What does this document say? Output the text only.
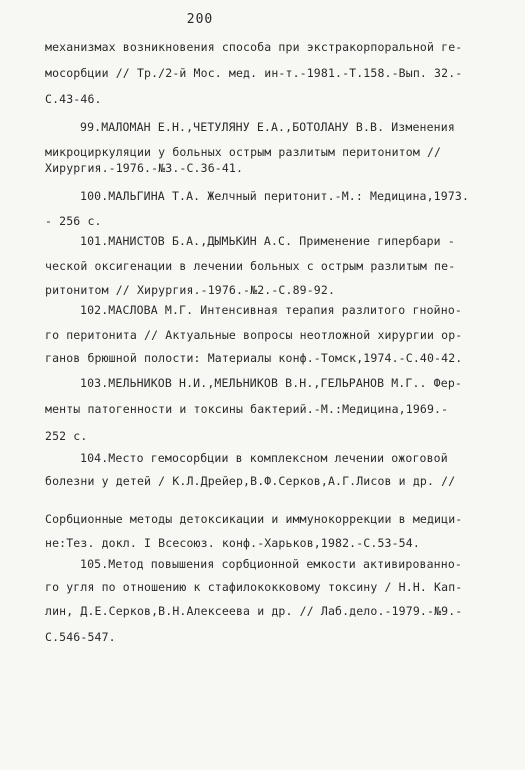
200
механизмах возникновения способа при экстракорпоральной ге-
мосорбции // Тр./2-й Мос. мед. ин-т.-1981.-Т.158.-Вып. 32.-
С.43-46.
99.МАЛОМАН Е.Н.,ЧЕТУЛЯНУ Е.А.,БОТОЛАНУ В.В. Изменения
микроциркуляции у больных острым разлитым перитонитом //
Хирургия.-1976.-№3.-С.36-41.
100.МАЛЬГИНА Т.А. Желчный перитонит.-М.: Медицина,1973.
- 256 с.
101.МАНИСТОВ Б.А.,ДЫМЬКИН А.С. Применение гипербари -
ческой оксигенации в лечении больных с острым разлитым пе-
ритонитом // Хирургия.-1976.-№2.-С.89-92.
102.МАСЛОВА М.Г. Интенсивная терапия разлитого гнойно-
го перитонита // Актуальные вопросы неотложной хирургии ор-
ганов брюшной полости: Материалы конф.-Томск,1974.-С.40-42.
103.МЕЛЬНИКОВ Н.И.,МЕЛЬНИКОВ В.Н.,ГЕЛЬРАНОВ М.Г.. Фер-
менты патогенности и токсины бактерий.-М.:Медицина,1969.-
252 с.
104.Место гемосорбции в комплексном лечении ожоговой
болезни у детей / К.Л.Дрейер,В.Ф.Серков,А.Г.Лисов и др. //
Сорбционные методы детоксикации и иммунокоррекции в медици-
не:Тез. докл. I Всесоюз. конф.-Харьков,1982.-С.53-54.
105.Метод повышения сорбционной емкости активированно-
го угля по отношению к стафилококковому токсину / Н.Н. Кап-
лин, Д.Е.Серков,В.Н.Алексеева и др. // Лаб.дело.-1979.-№9.-
С.546-547.
